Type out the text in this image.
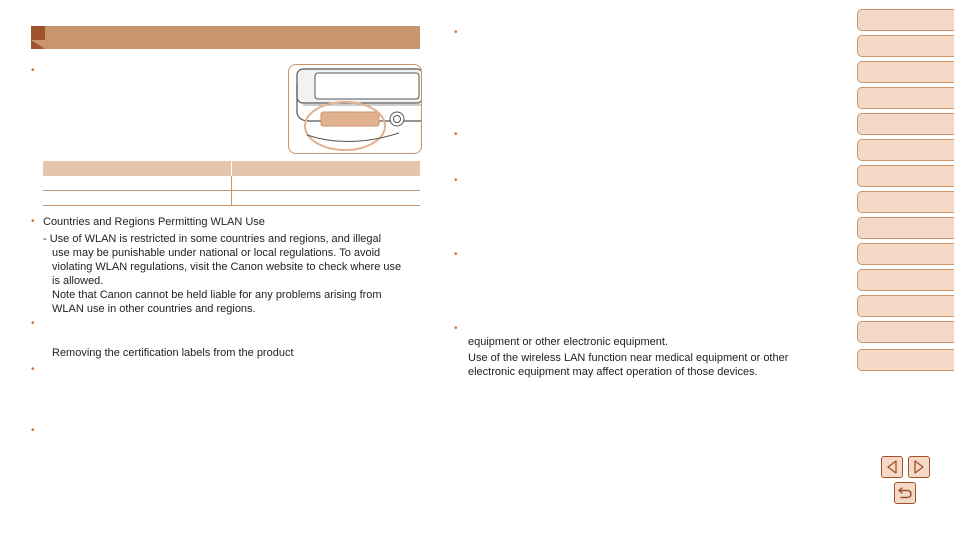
•
• Countries and Regions Permitting WLAN Use
- Use of WLAN is restricted in some countries and regions, and illegal
use may be punishable under national or local regulations. To avoid
violating WLAN regulations, visit the Canon website to check where use
is allowed.
Note that Canon cannot be held liable for any problems arising from
WLAN use in other countries and regions.
•
Removing the certification labels from the product
•
•
•
•
•
•
•
equipment or other electronic equipment.
Use of the wireless LAN function near medical equipment or other
electronic equipment may affect operation of those devices.
